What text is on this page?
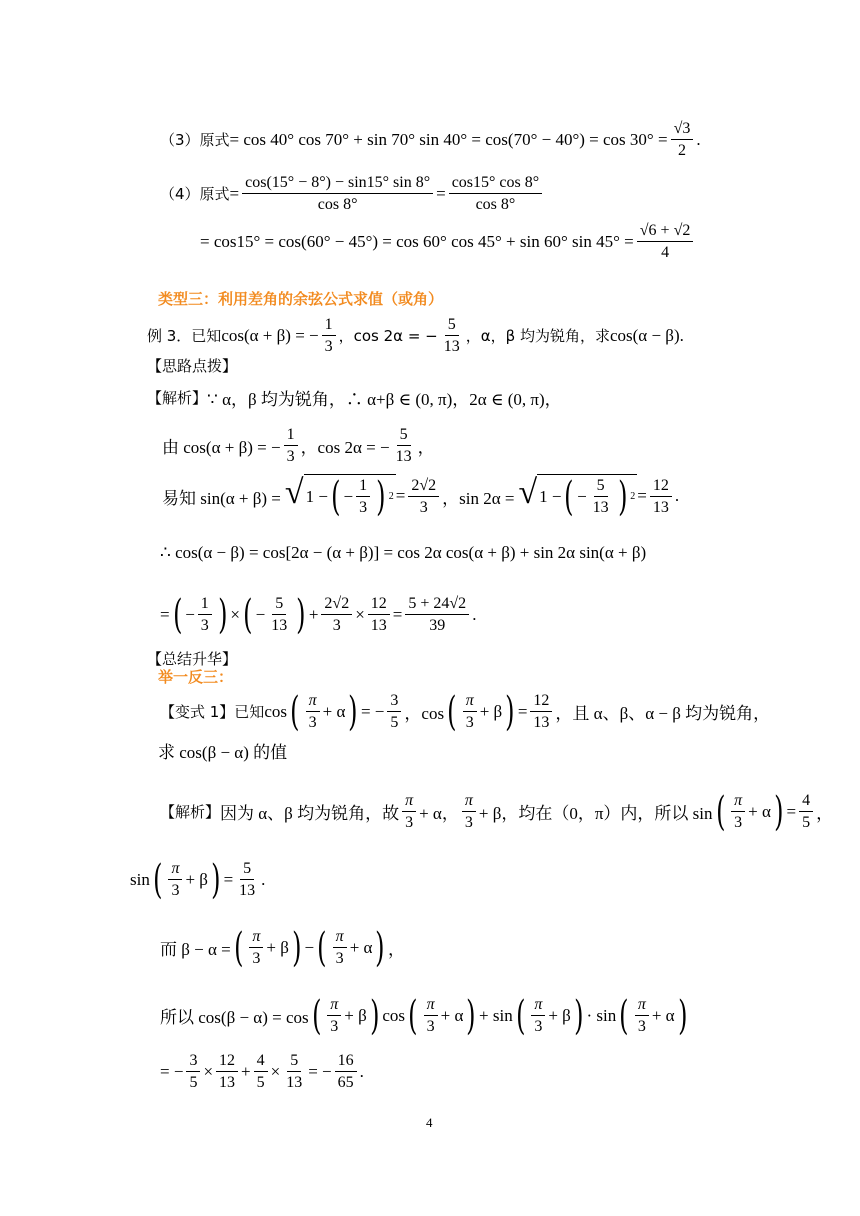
（3）原式 = cos 40° cos 70° + sin 70° $\sin 40^\circ = \cos(70^\circ - 40^\circ) = \cos 30^\circ = \frac{√3}{2}$ .
（4）原式 = $\frac{\cos(15^\circ - 8^\circ) - \sin 15^\circ \sin 8^\circ}{\cos 8^\circ} = \frac{\cos 15^\circ \cos 8^\circ}{\cos 8^\circ}$
= cos15° = cos(60° − 45°) = cos 60° cos 45° + sin 60° $\sin 45^\circ = \frac{√6 + √2}{4}$
类型三：利用差角的余弦公式求值（或角）
例 3．已知 cos(α + β) = − $\frac{1}{3}$ ，cos 2α = − $\frac{5}{13}$ ，α，β 均为锐角，求 cos(α − β) .
【思路点拨】
【解析】 ∵ α，β 均为锐角，∴ α+β ∈ (0, π)，2α ∈ (0, π)，
由 cos(α + β) = − $\frac{1}{3}$ ，cos 2α = − $\frac{5}{13}$ ，
易知 sin(α + β) = √ 1 − ( − $\frac{1}{3}$ ) $2 = \frac{2√2}{3}$ ，sin 2α = √ 1 − ( − $\frac{5}{13}$ ) $2 = \frac{12}{13}$ .
∴ cos(α − β) = cos[2α − (α + β)] = cos 2α cos(α + β) + sin 2α sin(α + β)
= ( − $\frac{1}{3}$ ) × ( − $\frac{5}{13}$ ) + $\frac{2√2}{3} \times \frac{12}{13} = \frac{5 + 24√2}{39}$ .
【总结升华】
举一反三：
【变式 1】已知 cos ( $\frac{\pi}{3} + \alpha$ ) = − $\frac{3}{5}$ ，cos ( $\frac{\pi}{3} + \beta$ ) = $\frac{12}{13}$ ，且 α、β、α − β 均为锐角，
求 cos(β − α) 的值
【解析】 因为 α、β 均为锐角，故 $\frac{\pi}{3} + \alpha$， $\frac{\pi}{3} + \beta$，均在（0，π）内，所以 sin ( $\frac{\pi}{3} + \alpha$ ) = $\frac{4}{5}$ ，
sin ( $\frac{\pi}{3} + \beta$ ) = $\frac{5}{13}$ .
而 β − α = ( $\frac{\pi}{3} + \beta$ ) − ( $\frac{\pi}{3} + \alpha$ ) ，
所以 cos(β − α) = cos ( $\frac{\pi}{3} + \beta$ ) cos ( $\frac{\pi}{3} + \alpha$ ) + sin ( $\frac{\pi}{3} + \beta$ ) · sin ( $\frac{\pi}{3} + \alpha$ )
= − $\frac{3}{5} \times \frac{12}{13} + \frac{4}{5} \times \frac{5}{13}$ = − $\frac{16}{65}$ .
4
